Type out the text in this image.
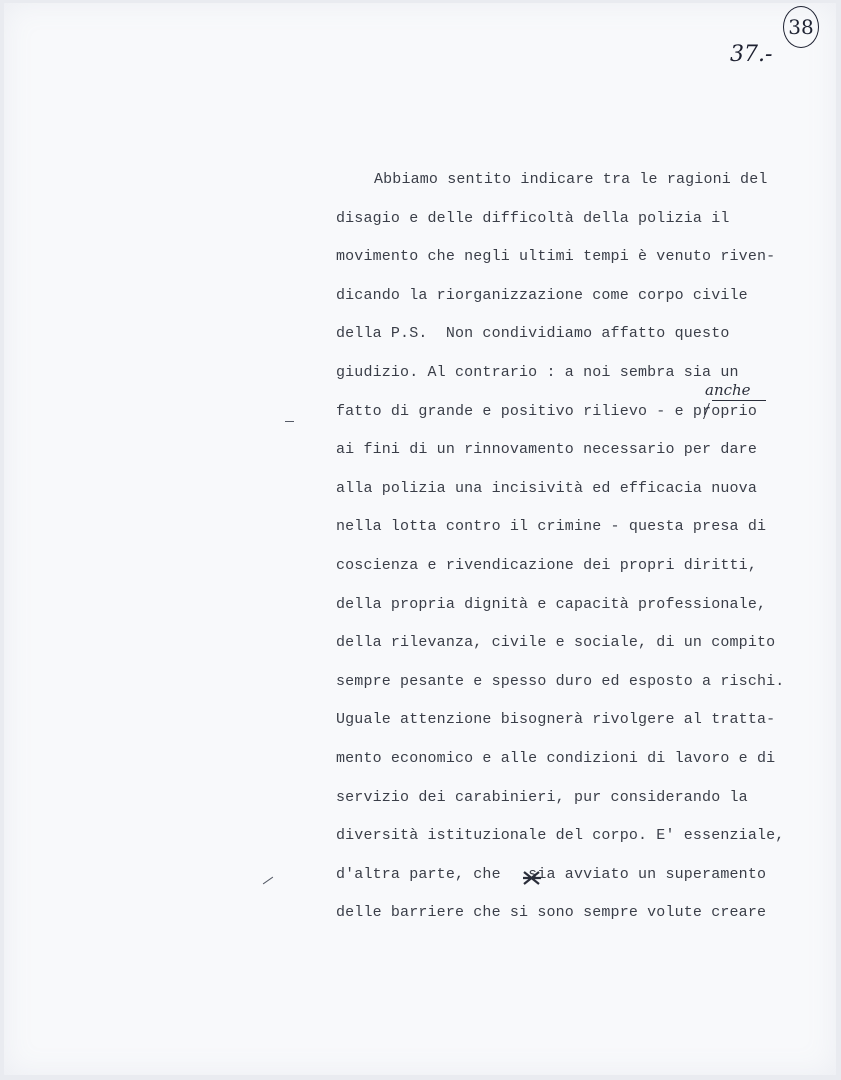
38
37.-
Abbiamo sentito indicare tra le ragioni del
disagio e delle difficoltà della polizia il
movimento che negli ultimi tempi è venuto riven-
dicando la riorganizzazione come corpo civile
della P.S.  Non condividiamo affatto questo
giudizio. Al contrario : a noi sembra sia un
fatto di grande e positivo rilievo - e proprio
ai fini di un rinnovamento necessario per dare
alla polizia una incisività ed efficacia nuova
nella lotta contro il crimine - questa presa di
coscienza e rivendicazione dei propri diritti,
della propria dignità e capacità professionale,
della rilevanza, civile e sociale, di un compito
sempre pesante e spesso duro ed esposto a rischi.
Uguale attenzione bisognerà rivolgere al tratta-
mento economico e alle condizioni di lavoro e di
servizio dei carabinieri, pur considerando la
diversità istituzionale del corpo. E' essenziale,
d'altra parte, che   sia avviato un superamento
delle barriere che si sono sempre volute creare
anche
